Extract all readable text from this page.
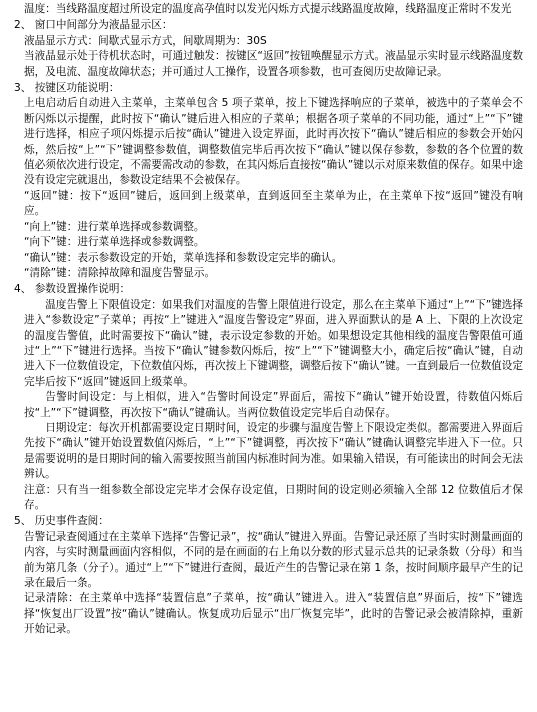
温度：当线路温度超过所设定的温度高孕值时以发光闪烁方式提示线路温度故障，线路温度正常时不发光

2、 窗口中间部分为液晶显示区：

液晶显示方式：间歇式显示方式，间歇周期为：30S

当液晶显示处于待机状态时，可通过触发：按键区“返回”按钮唤醒显示方式。液晶显示实时显示线路温度数据，及电流、温度故障状态；并可通过人工操作，设置各项参数，也可查阅历史故障记录。

3、 按键区功能说明：

上电启动后自动进入主菜单，主菜单包含 5 项子菜单，按上下键选择响应的子菜单，被选中的子菜单会不断闪烁以示提醒，此时按下“确认”键后进入相应的子菜单；根据各项子菜单的不同功能，通过“上”“下”键进行选择，相应子项闪烁提示后按“确认”键进入设定界面，此时再次按下“确认”键后相应的参数会开始闪烁，然后按“上”“下”键调整参数值，调整数值完毕后再次按下“确认”键以保存参数，参数的各个位置的数值必须依次进行设定，不需要需改动的参数，在其闪烁后直接按“确认”键以示对原来数值的保存。如果中途没有设定完就退出，参数设定结果不会被保存。

“返回”键：按下“返回”键后，返回到上级菜单，直到返回至主菜单为止，在主菜单下按“返回”键没有响应。

“向上”键：进行菜单选择或参数调整。

“向下”键：进行菜单选择或参数调整。

“确认”键：表示参数设定的开始，菜单选择和参数设定完毕的确认。

“清除”键：清除掉故障和温度告警显示。

4、 参数设置操作说明：

温度告警上下限值设定：如果我们对温度的告警上限值进行设定，那么在主菜单下通过“上”“下”键选择进入“参数设定”子菜单；再按“上”键进入“温度告警设定”界面，进入界面默认的是 A 上、下限的上次设定的温度告警值，此时需要按下“确认”键，表示设定参数的开始。如果想设定其他相线的温度告警限值可通过“上”“下”键进行选择。当按下“确认”键参数闪烁后，按“上”“下”键调整大小，确定后按“确认”键，自动进入下一位数值设定，下位数值闪烁，再次按上下键调整，调整后按下“确认”键。一直到最后一位数值设定完毕后按下“返回”键返回上级菜单。

告警时间设定：与上相似，进入“告警时间设定”界面后，需按下“确认”键开始设置，待数值闪烁后按“上”“下”键调整，再次按下“确认”键确认。当两位数值设定完毕后自动保存。

日期设定：每次开机都需要设定日期时间，设定的步骤与温度告警上下限设定类似。都需要进入界面后先按下“确认”键开始设置数值闪烁后，“上”“下”键调整，再次按下“确认”键确认调整完毕进入下一位。只是需要说明的是日期时间的输入需要按照当前国内标准时间为准。如果输入错误，有可能读出的时间会无法辨认。

注意：只有当一组参数全部设定完毕才会保存设定值，日期时间的设定则必须输入全部 12 位数值后才保存。

5、 历史事件查阅：

告警记录查阅通过在主菜单下选择“告警记录”，按“确认”键进入界面。告警记录还原了当时实时测量画面的内容，与实时测量画面内容相似，不同的是在画面的右上角以分数的形式显示总共的记录条数（分母）和当前为第几条（分子）。通过“上”“下”键进行查阅，最近产生的告警记录在第 1 条，按时间顺序最早产生的记录在最后一条。

记录清除：在主菜单中选择“装置信息”子菜单，按“确认”键进入。进入“装置信息”界面后，按“下”键选择“恢复出厂设置”按“确认”键确认。恢复成功后显示“出厂恢复完毕”，此时的告警记录会被清除掉，重新开始记录。
